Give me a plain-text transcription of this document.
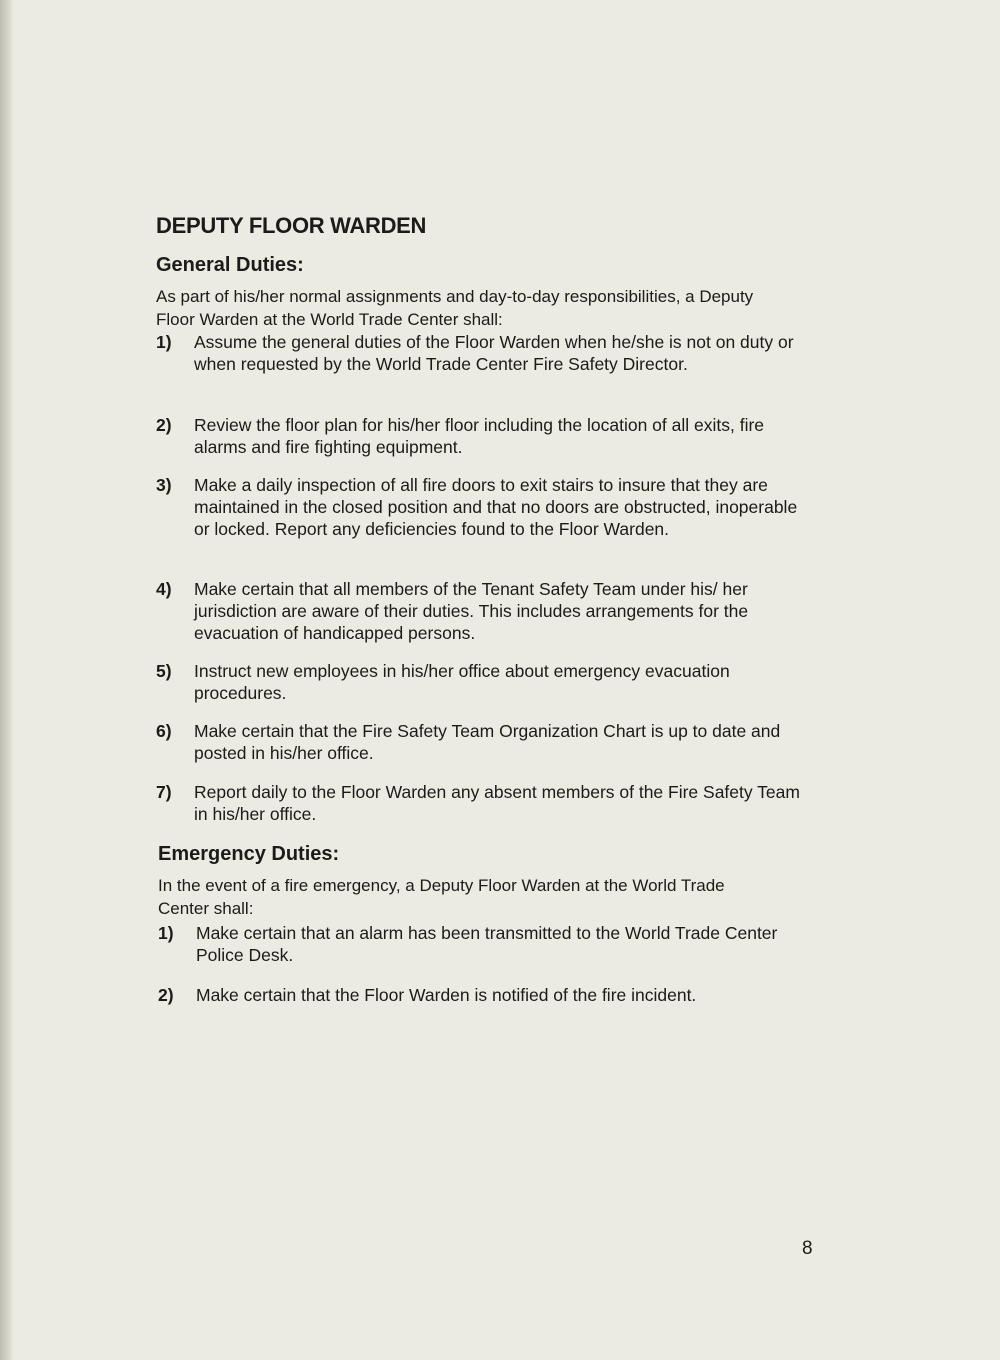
DEPUTY FLOOR WARDEN
General Duties:

As part of his/her normal assignments and day-to-day responsibilities, a Deputy Floor Warden at the World Trade Center shall:

1)	Assume the general duties of the Floor Warden when he/she is not on duty or when requested by the World Trade Center Fire Safety Director.
2)	Review the floor plan for his/her floor including the location of all exits, fire alarms and fire fighting equipment.
3)	Make a daily inspection of all fire doors to exit stairs to insure that they are maintained in the closed position and that no doors are obstructed, inoperable or locked. Report any deficiencies found to the Floor Warden.
4)	Make certain that all members of the Tenant Safety Team under his/ her jurisdiction are aware of their duties. This includes arrangements for the evacuation of handicapped persons.
5)	Instruct new employees in his/her office about emergency evacuation procedures.
6)	Make certain that the Fire Safety Team Organization Chart is up to date and posted in his/her office.
7)	Report daily to the Floor Warden any absent members of the Fire Safety Team in his/her office.
Emergency Duties:

In the event of a fire emergency, a Deputy Floor Warden at the World Trade Center shall:

1)	Make certain that an alarm has been transmitted to the World Trade Center Police Desk.
2)	Make certain that the Floor Warden is notified of the fire incident.
8
